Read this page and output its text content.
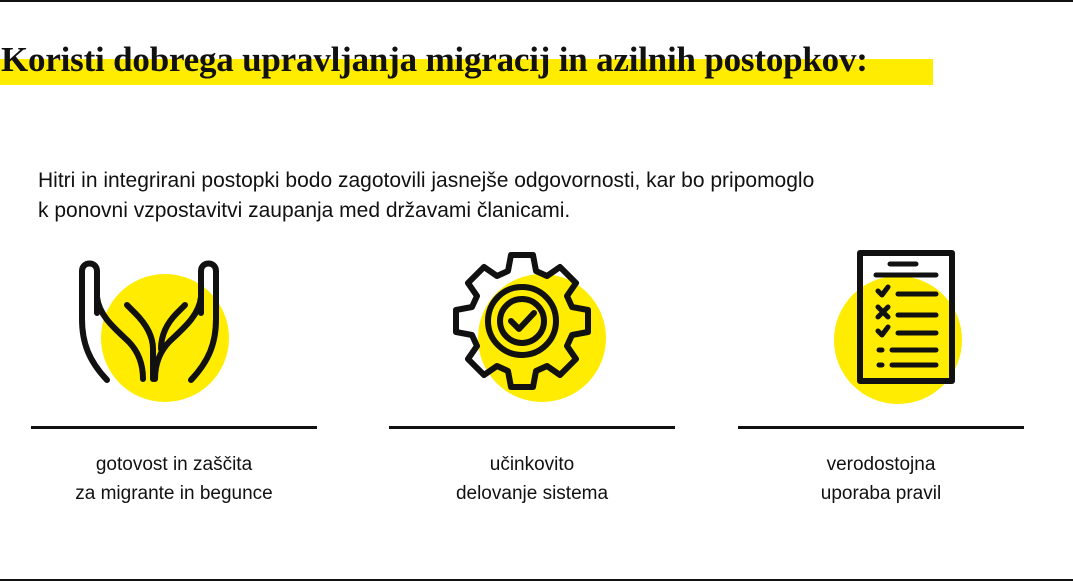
Koristi dobrega upravljanja migracij in azilnih postopkov:

Hitri in integrirani postopki bodo zagotovili jasnejše odgovornosti, kar bo pripomoglo
k ponovni vzpostavitvi zaupanja med državami članicami.

gotovost in zaščita
za migrante in begunce
učinkovito
delovanje sistema
verodostojna
uporaba pravil
